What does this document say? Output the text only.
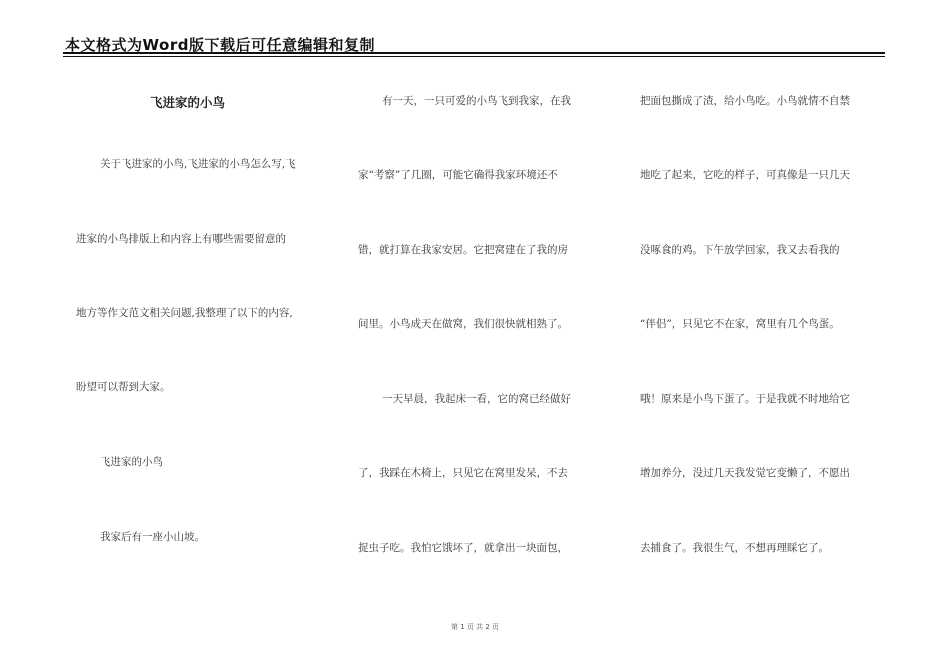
本文格式为Word版下载后可任意编辑和复制
飞进家的小鸟
关于飞进家的小鸟,飞进家的小鸟怎么写,飞
进家的小鸟排版上和内容上有哪些需要留意的
地方等作文范文相关问题,我整理了以下的内容,
盼望可以帮到大家。
飞进家的小鸟
我家后有一座小山坡。
有一天，一只可爱的小鸟飞到我家，在我
家“考察”了几圈，可能它确得我家环境还不
错，就打算在我家安居。它把窝建在了我的房
间里。小鸟成天在做窝，我们很快就相熟了。
一天早晨，我起床一看，它的窝已经做好
了，我踩在木椅上，只见它在窝里发呆，不去
捉虫子吃。我怕它饿坏了，就拿出一块面包，
把面包撕成了渣，给小鸟吃。小鸟就情不自禁
地吃了起来，它吃的样子，可真像是一只几天
没啄食的鸡。下午放学回家，我又去看我的
“伴侣”，只见它不在家，窝里有几个鸟蛋。
哦！原来是小鸟下蛋了。于是我就不时地给它
增加养分，没过几天我发觉它变懒了，不愿出
去捕食了。我很生气，不想再理睬它了。
第 1 页 共 2 页
